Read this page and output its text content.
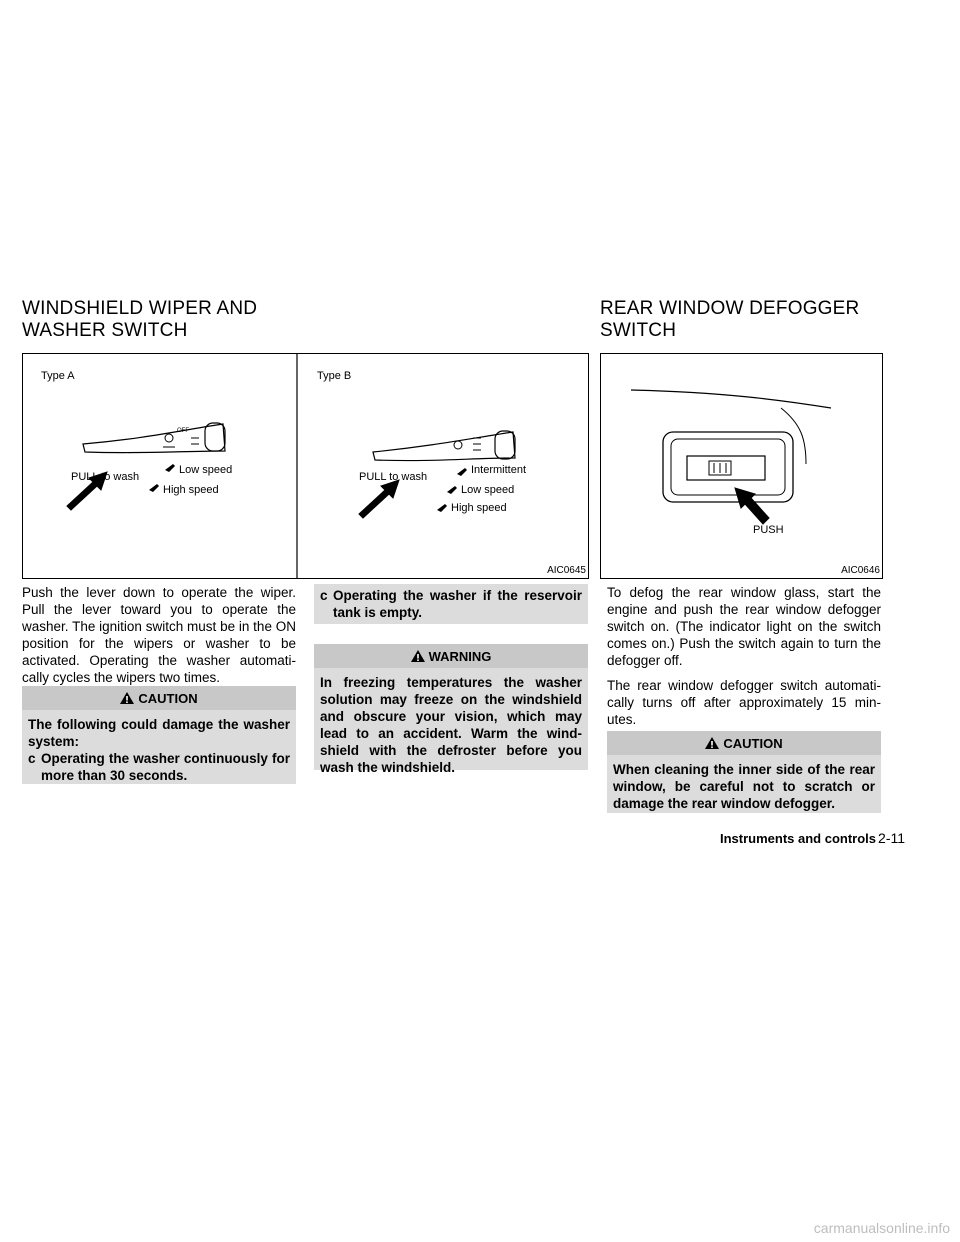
WINDSHIELD WIPER AND
WASHER SWITCH
REAR WINDOW DEFOGGER
SWITCH
OFF
Type A
PULL to wash
Low speed
High speed
Type B
PULL to wash
Intermittent
Low speed
High speed
AIC0645
PUSH
AIC0646

Push the lever down to operate the wiper. Pull the lever toward you to operate the washer. The ignition switch must be in the ON position for the wipers or washer to be activated. Operating the washer automati-cally cycles the wipers two times.

CAUTION
The following could damage the washer system:
c Operating the washer continuously for more than 30 seconds.
c Operating the washer if the reservoir tank is empty.
WARNING
In freezing temperatures the washer solution may freeze on the windshield and obscure your vision, which may lead to an accident. Warm the wind-shield with the defroster before you wash the windshield.

To defog the rear window glass, start the engine and push the rear window defogger switch on. (The indicator light on the switch comes on.) Push the switch again to turn the defogger off.

The rear window defogger switch automati-cally turns off after approximately 15 min-utes.

CAUTION
When cleaning the inner side of the rear window, be careful not to scratch or damage the rear window defogger.
Instruments and controls 2-11
carmanualsonline.info
